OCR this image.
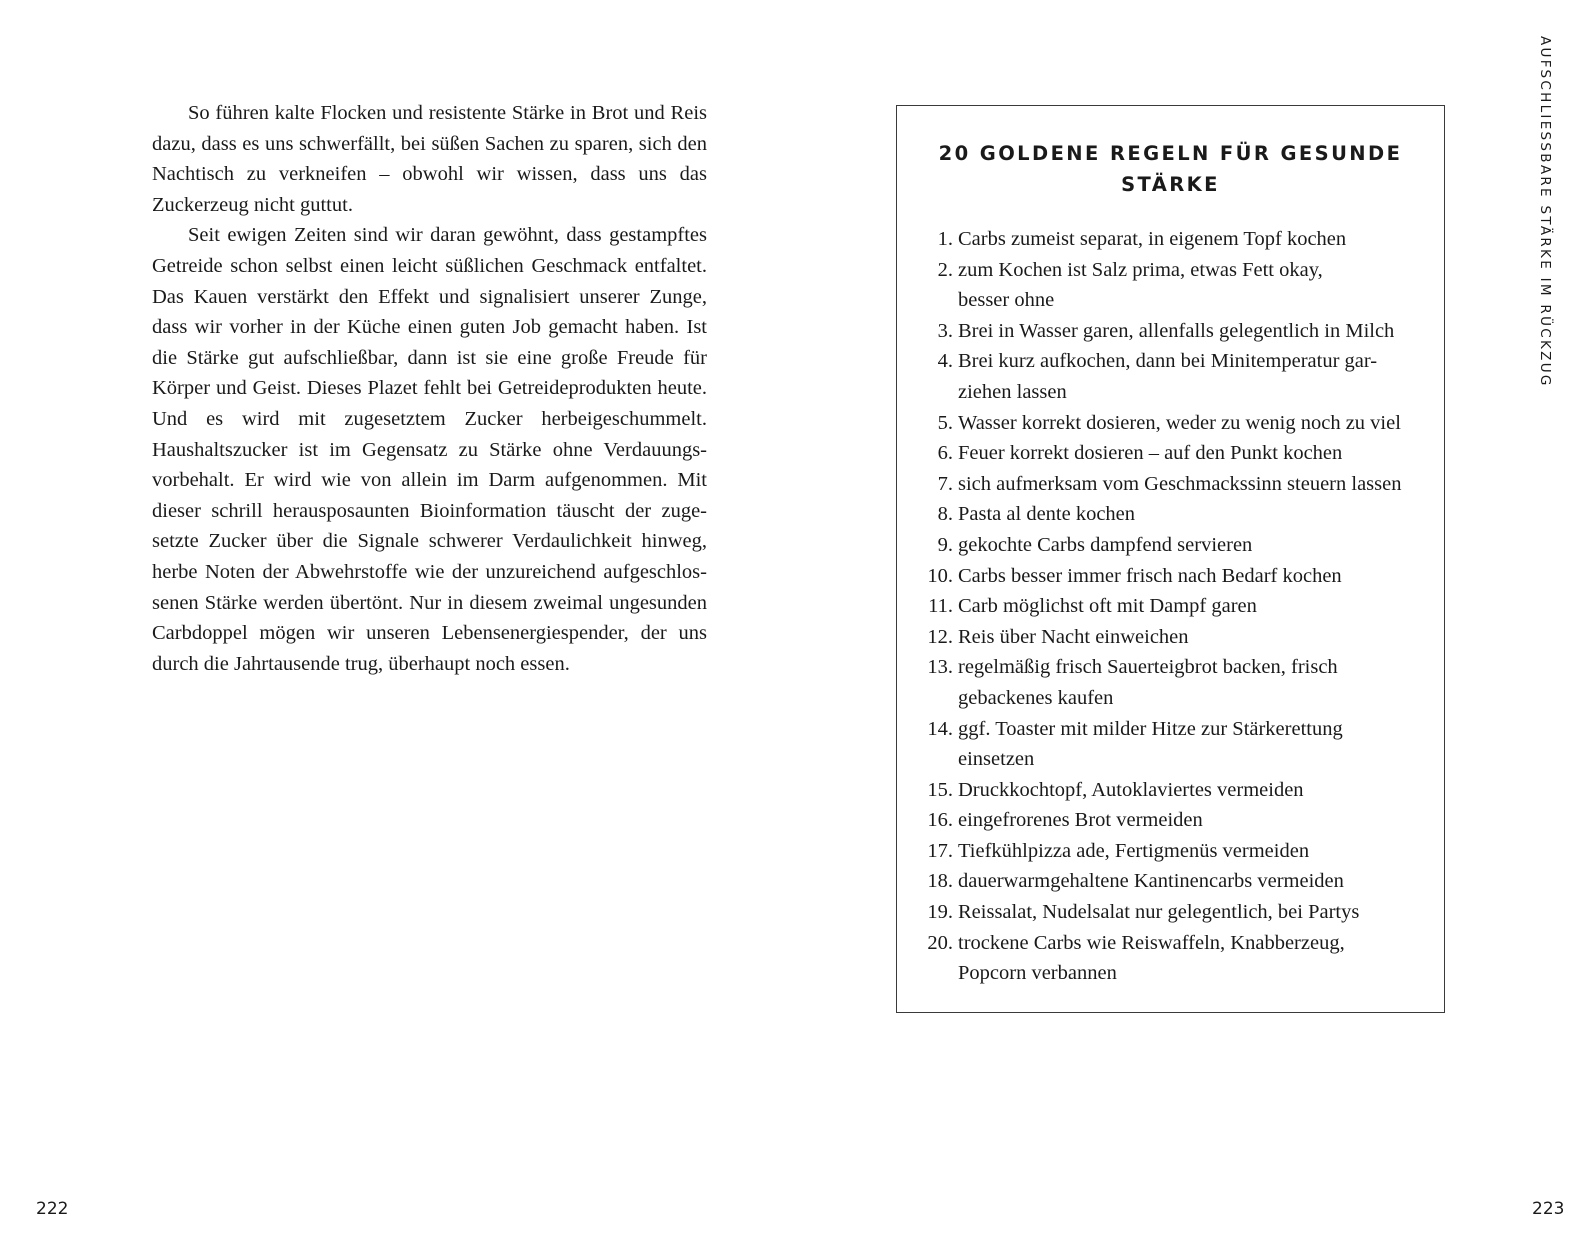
So führen kalte Flocken und resistente Stärke in Brot und Reis dazu, dass es uns schwerfällt, bei süßen Sachen zu sparen, sich den Nachtisch zu verkneifen – obwohl wir wissen, dass uns das Zuckerzeug nicht guttut.

Seit ewigen Zeiten sind wir daran gewöhnt, dass gestampftes Getreide schon selbst einen leicht süßlichen Geschmack entfaltet. Das Kauen verstärkt den Effekt und signalisiert unserer Zunge, dass wir vorher in der Küche einen guten Job gemacht haben. Ist die Stärke gut aufschließbar, dann ist sie eine große Freude für Körper und Geist. Dieses Plazet fehlt bei Getreideprodukten heute. Und es wird mit zugesetztem Zucker herbeigeschummelt. Haushaltszucker ist im Gegensatz zu Stärke ohne Verdauungsvorbehalt. Er wird wie von allein im Darm aufgenommen. Mit dieser schrill herausposaunten Bioinformation täuscht der zugesetzte Zucker über die Signale schwerer Verdaulichkeit hinweg, herbe Noten der Abwehrstoffe wie der unzureichend aufgeschlossenen Stärke werden übertönt. Nur in diesem zweimal ungesunden Carbdoppel mögen wir unseren Lebensenergiespender, der uns durch die Jahrtausende trug, überhaupt noch essen.

20 GOLDENE REGELN FÜR GESUNDE STÄRKE
1. Carbs zumeist separat, in eigenem Topf kochen
2. zum Kochen ist Salz prima, etwas Fett okay,
besser ohne
3. Brei in Wasser garen, allenfalls gelegentlich in Milch
4. Brei kurz aufkochen, dann bei Minitemperatur gar-
ziehen lassen
5. Wasser korrekt dosieren, weder zu wenig noch zu viel
6. Feuer korrekt dosieren – auf den Punkt kochen
7. sich aufmerksam vom Geschmackssinn steuern lassen
8. Pasta al dente kochen
9. gekochte Carbs dampfend servieren
10. Carbs besser immer frisch nach Bedarf kochen
11. Carb möglichst oft mit Dampf garen
12. Reis über Nacht einweichen
13. regelmäßig frisch Sauerteigbrot backen, frisch
gebackenes kaufen
14. ggf. Toaster mit milder Hitze zur Stärkerettung
einsetzen
15. Druckkochtopf, Autoklaviertes vermeiden
16. eingefrorenes Brot vermeiden
17. Tiefkühlpizza ade, Fertigmenüs vermeiden
18. dauerwarmgehaltene Kantinencarbs vermeiden
19. Reissalat, Nudelsalat nur gelegentlich, bei Partys
20. trockene Carbs wie Reiswaffeln, Knabberzeug,
Popcorn verbannen
AUFSCHLIESSBARE STÄRKE IM RÜCKZUG
222	223
